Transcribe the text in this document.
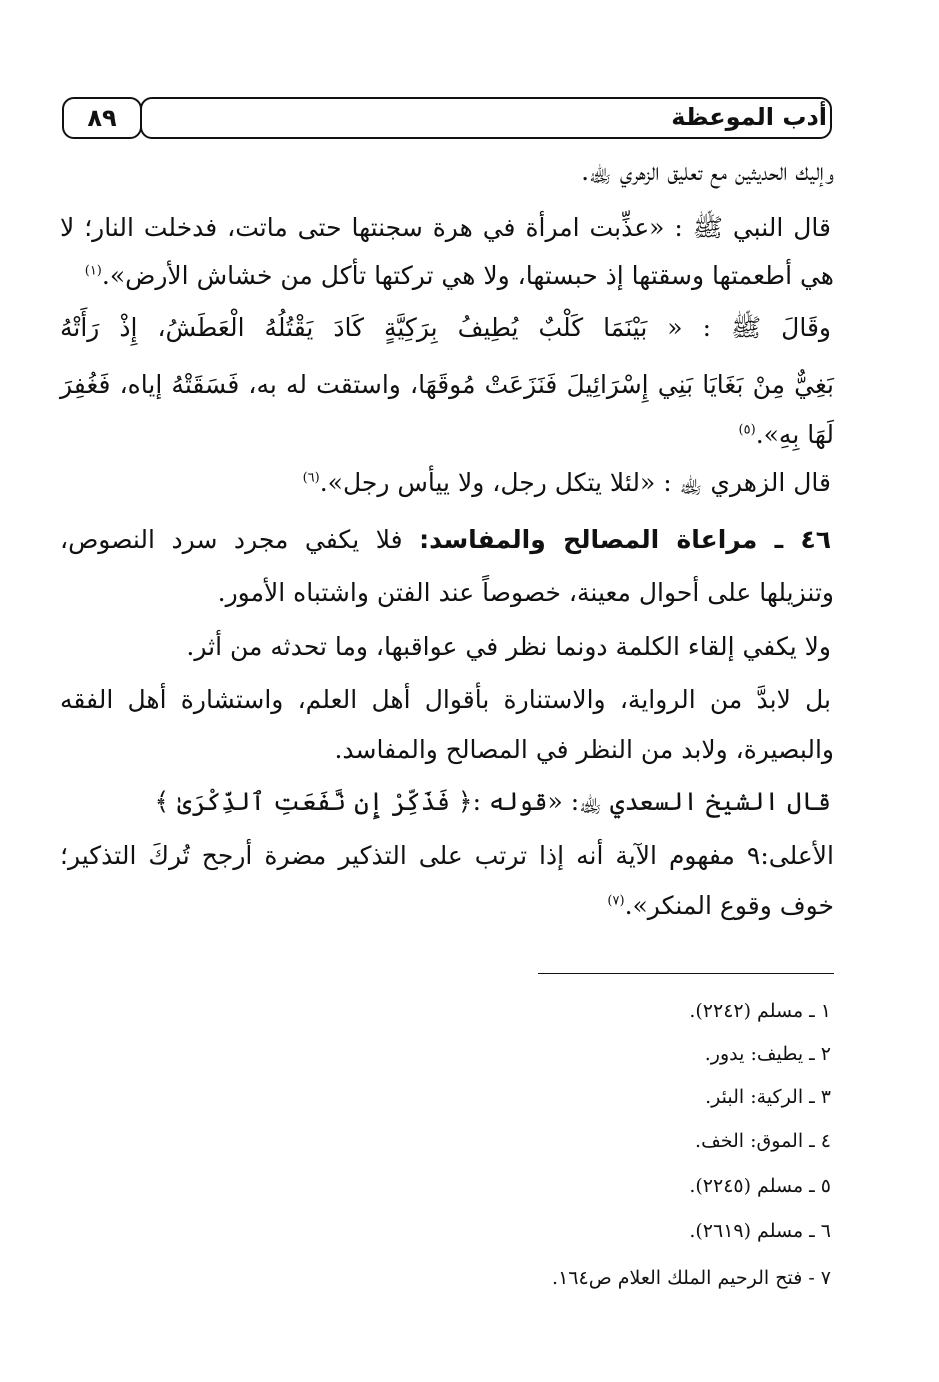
أدب الموعظة
٨٩
وإليك الحديثين مع تعليق الزهري ﵀.
قال النبي ﷺ : «عذِّبت امرأة في هرة سجنتها حتى ماتت، فدخلت النار؛ لا
هي أطعمتها وسقتها إذ حبستها، ولا هي تركتها تأكل من خشاش الأرض».$^{(١)}$
وقَالَ ﷺ : « بَيْنَمَا كَلْبٌ يُطِيفُ بِرَكِيَّةٍ كَادَ يَقْتُلُهُ الْعَطَشُ، إِذْ رَأَتْهُ
بَغِيٌّ مِنْ بَغَايَا بَنِي إِسْرَائِيلَ فَنَزَعَتْ مُوقَهَا، واستقت له به، فَسَقَتْهُ إياه، فَغُفِرَ
لَهَا بِهِ».$^{(٥)}$
قال الزهري ﵀ : «لئلا يتكل رجل، ولا ييأس رجل».$^{(٦)}$
٤٦ ـ مراعاة المصالح والمفاسد: فلا يكفي مجرد سرد النصوص،
وتنزيلها على أحوال معينة، خصوصاً عند الفتن واشتباه الأمور.
ولا يكفي إلقاء الكلمة دونما نظر في عواقبها، وما تحدثه من أثر.
بل لابدَّ من الرواية، والاستنارة بأقوال أهل العلم، واستشارة أهل الفقه
والبصيرة، ولابد من النظر في المصالح والمفاسد.
قال الشيخ السعدي ﵀: «قوله :﴿ فَذَكِّرْ إِن نَّفَعَتِ ٱلذِّكْرَىٰ ﴾
الأعلى:٩ مفهوم الآية أنه إذا ترتب على التذكير مضرة أرجح تُركَ التذكير؛
خوف وقوع المنكر».$^{(٧)}$
١ ـ مسلم (٢٢٤٢).
٢ ـ يطيف: يدور.
٣ ـ الركية: البئر.
٤ ـ الموق: الخف.
٥ ـ مسلم (٢٢٤٥).
٦ ـ مسلم (٢٦١٩).
٧ - فتح الرحيم الملك العلام ص١٦٤.
